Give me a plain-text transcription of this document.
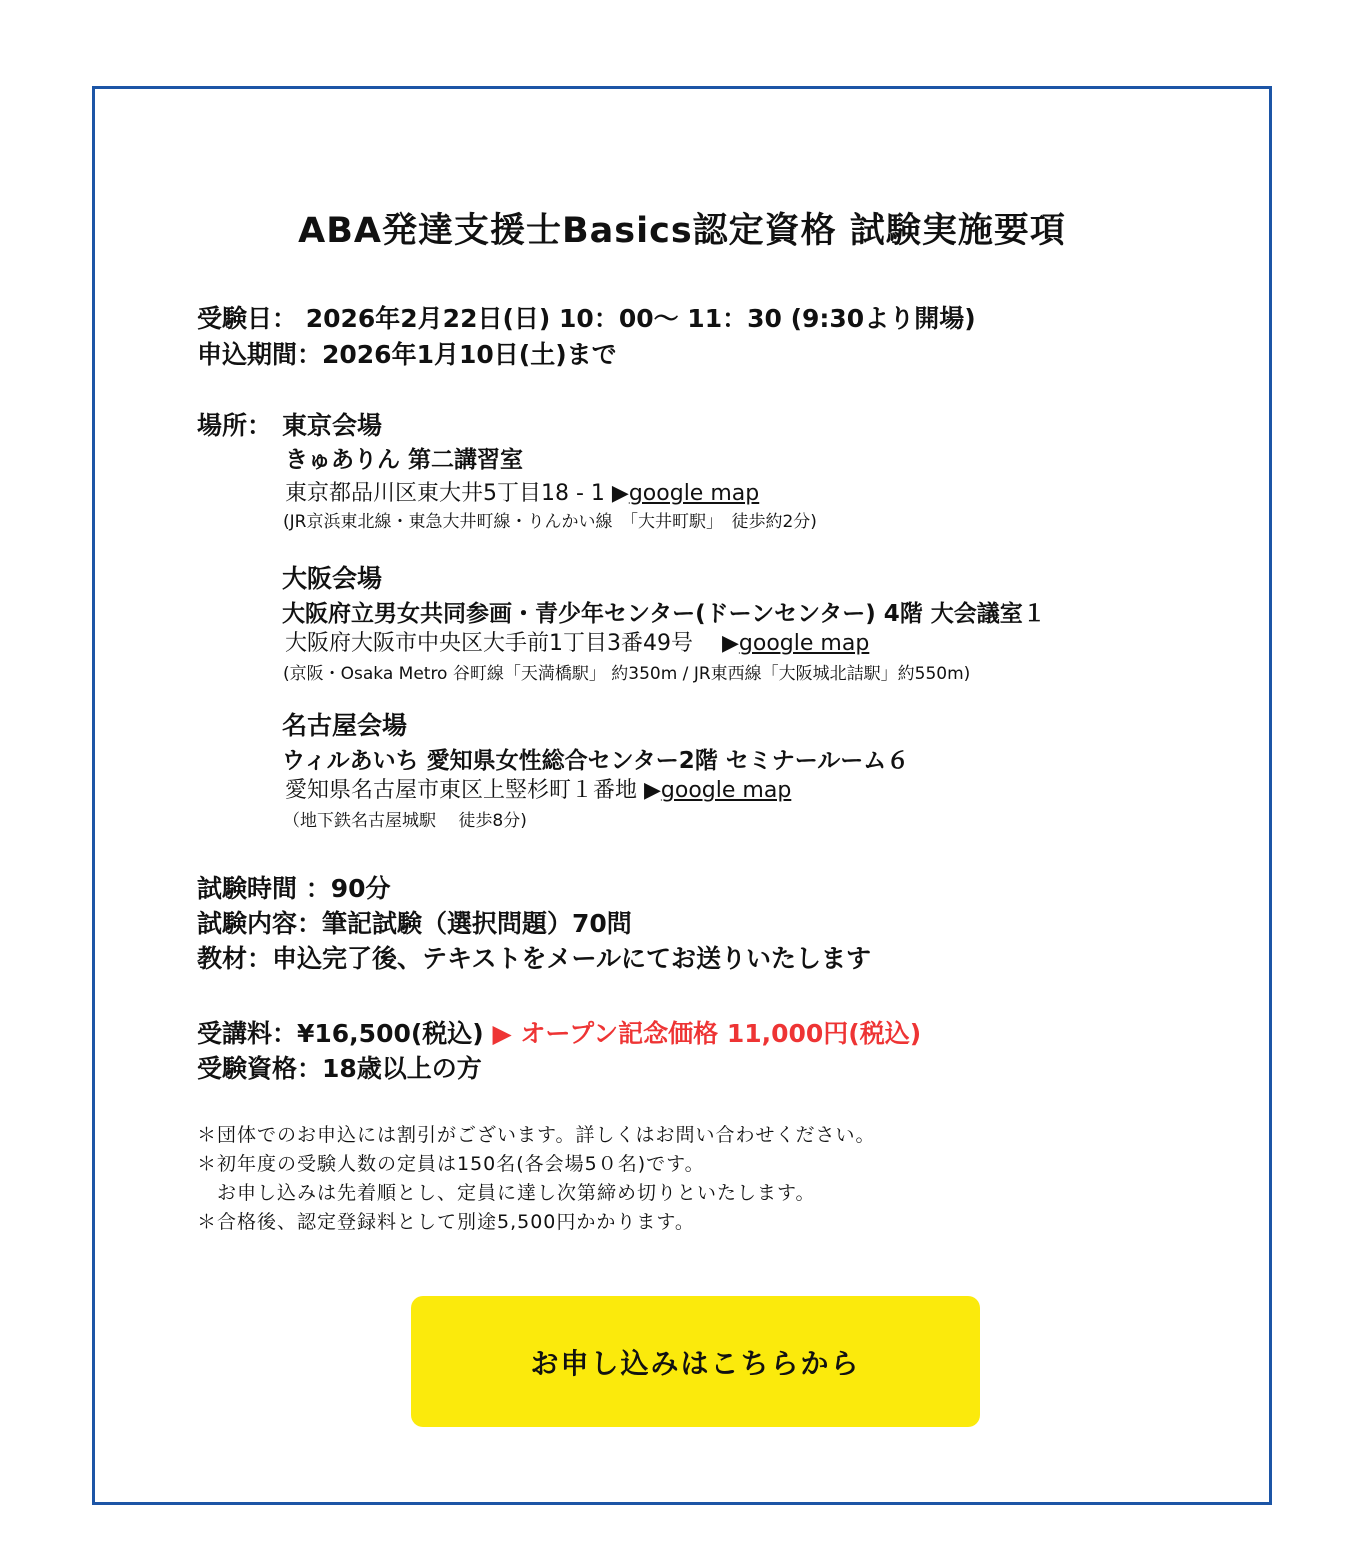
ABA発達支援士Basics認定資格 試験実施要項
受験日： 2026年2月22日(日) 10：00～ 11：30 (9:30より開場)
申込期間：2026年1月10日(土)まで
場所： 東京会場
きゅありん 第二講習室
東京都品川区東大井5丁目18 - 1 ▶google map
(JR京浜東北線・東急大井町線・りんかい線　「大井町駅」　徒歩約2分)
大阪会場
大阪府立男女共同参画・青少年センター(ドーンセンター) 4階 大会議室１
大阪府大阪市中央区大手前1丁目3番49号　 ▶google map
(京阪・Osaka Metro 谷町線「天満橋駅」 約350m / JR東西線「大阪城北詰駅」約550m)
名古屋会場
ウィルあいち 愛知県女性総合センター2階 セミナールーム６
愛知県名古屋市東区上竪杉町１番地 ▶google map
（地下鉄名古屋城駅　 徒歩8分)
試験時間 ：90分
試験内容：筆記試験（選択問題）70問
教材：申込完了後、テキストをメールにてお送りいたします
受講料：¥16,500(税込) ▶ オープン記念価格 11,000円(税込)
受験資格：18歳以上の方
＊団体でのお申込には割引がございます。詳しくはお問い合わせください。
＊初年度の受験人数の定員は150名(各会場5０名)です。
　お申し込みは先着順とし、定員に達し次第締め切りといたします。
＊合格後、認定登録料として別途5,500円かかります。
お申し込みはこちらから
